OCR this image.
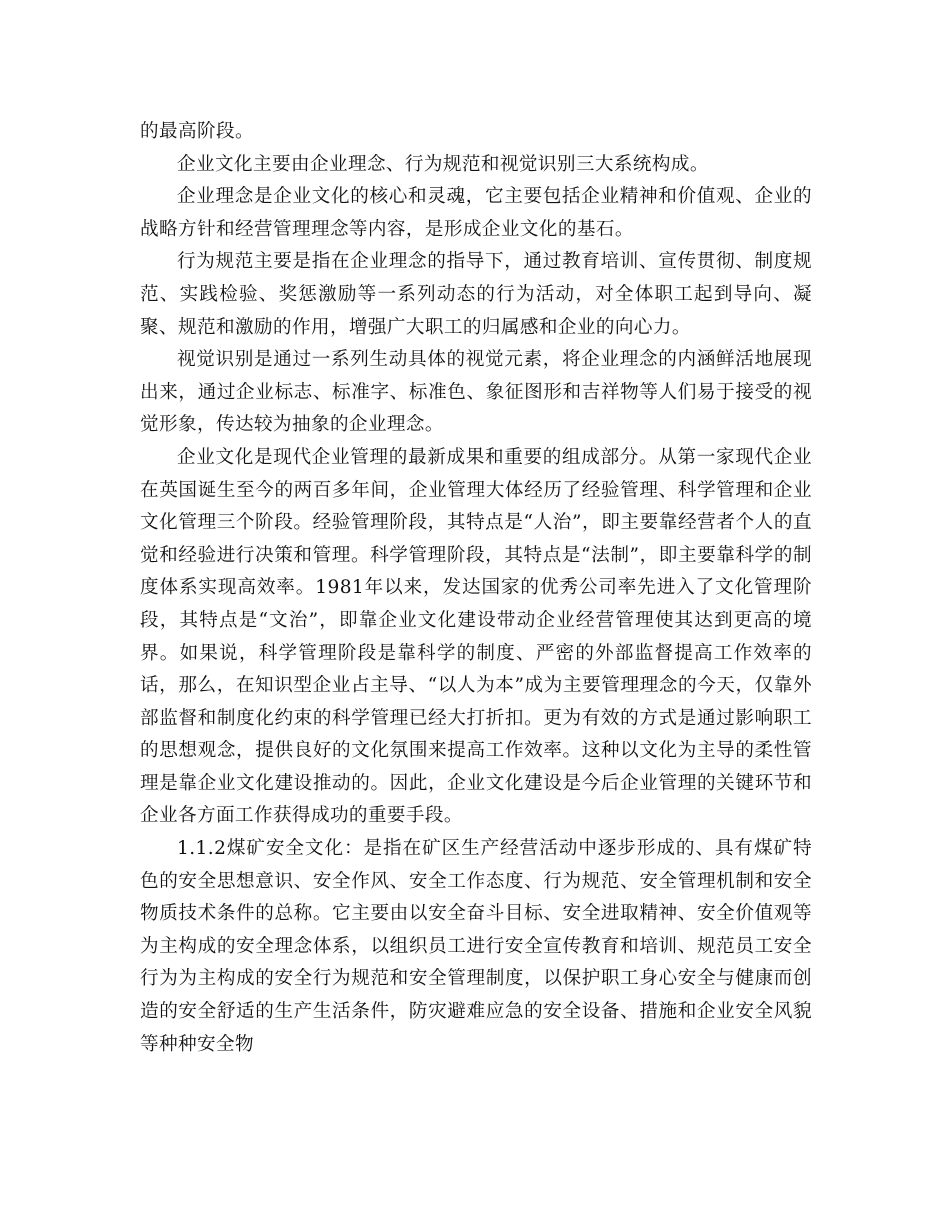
的最高阶段。

企业文化主要由企业理念、行为规范和视觉识别三大系统构成。

企业理念是企业文化的核心和灵魂，它主要包括企业精神和价值观、企业的战略方针和经营管理理念等内容，是形成企业文化的基石。

行为规范主要是指在企业理念的指导下，通过教育培训、宣传贯彻、制度规范、实践检验、奖惩激励等一系列动态的行为活动，对全体职工起到导向、凝聚、规范和激励的作用，增强广大职工的归属感和企业的向心力。

视觉识别是通过一系列生动具体的视觉元素，将企业理念的内涵鲜活地展现出来，通过企业标志、标准字、标准色、象征图形和吉祥物等人们易于接受的视觉形象，传达较为抽象的企业理念。

企业文化是现代企业管理的最新成果和重要的组成部分。从第一家现代企业在英国诞生至今的两百多年间，企业管理大体经历了经验管理、科学管理和企业文化管理三个阶段。经验管理阶段，其特点是“人治”，即主要靠经营者个人的直觉和经验进行决策和管理。科学管理阶段，其特点是“法制”，即主要靠科学的制度体系实现高效率。1981年以来，发达国家的优秀公司率先进入了文化管理阶段，其特点是“文治”，即靠企业文化建设带动企业经营管理使其达到更高的境界。如果说，科学管理阶段是靠科学的制度、严密的外部监督提高工作效率的话，那么，在知识型企业占主导、“以人为本”成为主要管理理念的今天，仅靠外部监督和制度化约束的科学管理已经大打折扣。更为有效的方式是通过影响职工的思想观念，提供良好的文化氛围来提高工作效率。这种以文化为主导的柔性管理是靠企业文化建设推动的。因此，企业文化建设是今后企业管理的关键环节和企业各方面工作获得成功的重要手段。

1.1.2煤矿安全文化：是指在矿区生产经营活动中逐步形成的、具有煤矿特色的安全思想意识、安全作风、安全工作态度、行为规范、安全管理机制和安全物质技术条件的总称。它主要由以安全奋斗目标、安全进取精神、安全价值观等为主构成的安全理念体系，以组织员工进行安全宣传教育和培训、规范员工安全行为为主构成的安全行为规范和安全管理制度，以保护职工身心安全与健康而创造的安全舒适的生产生活条件，防灾避难应急的安全设备、措施和企业安全风貌等种种安全物
